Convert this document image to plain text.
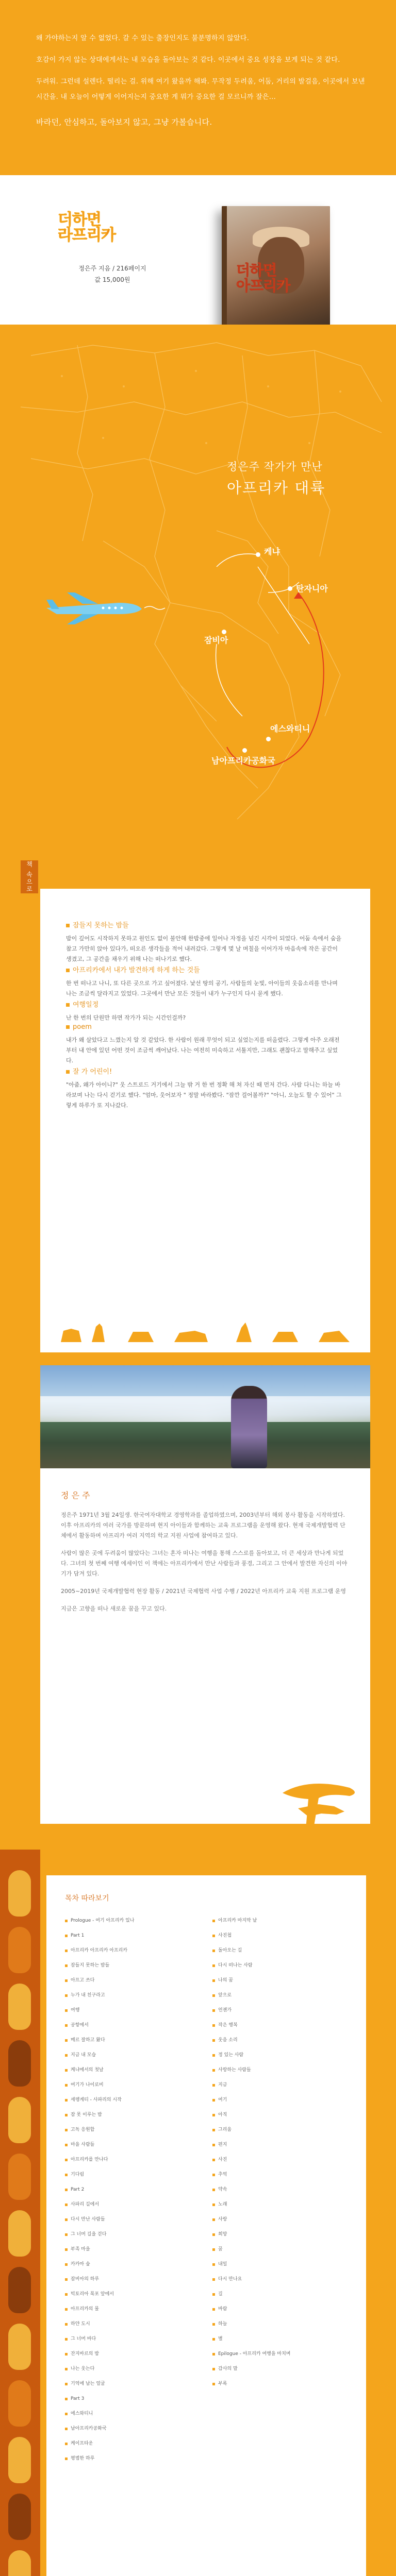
왜 가야하는지 알 수 없었다. 갈 수 있는 출장인지도 불분명하지 않았다.

호감이 가지 않는 상대에게서는 내 모습을 돌아보는 것 같다. 이곳에서 중요 성장을 보게 되는 것 같다.

두려워. 그런데 설렌다. 떨리는 걸. 위해 여기 왔을까 해봐. 무작정 두려움, 어둠, 거리의 발걸음, 이곳에서 보낸 시간을. 내 오늘이 어떻게 이어지는지 중요한 게 뭐가 중요한 걸 모르니까 잘은...

바라던, 안심하고, 돌아보지 않고, 그냥 가볼습니다.

더하면
라프리카
정은주 지음 / 216페이지
값 15,000원
더하면
아프리카
정은주 작가가 만난
아프리카 대륙
케냐
탄자니아
잠비아
에스와티니
남아프리카공화국
책 속으로
잠들지 못하는 밤들

밤이 깊어도 시작하지 못하고 원인도 없이 불안해 한밤중에 일어나 자정을 넘긴 시각이 되었다. 어둠 속에서 숨을 참고 가만히 앉아 있다가, 떠오른 생각들을 적어 내려갔다. 그렇게 몇 날 며칠을 이어가자 마음속에 작은 공간이 생겼고, 그 공간을 채우기 위해 나는 떠나기로 했다.

아프리카에서 내가 발견하게 하게 하는 것들

한 번 떠나고 나니, 또 다른 곳으로 가고 싶어졌다. 낯선 땅의 공기, 사람들의 눈빛, 아이들의 웃음소리를 만나며 나는 조금씩 달라지고 있었다. 그곳에서 만난 모든 것들이 내가 누구인지 다시 묻게 했다.

여행일정

난 한 번의 단원만 하면 작가가 되는 시간인걸까?

poem

내가 왜 살았다고 느꼈는지 알 것 같았다. 한 사람이 원래 무엇이 되고 싶었는지를 떠올렸다. 그렇게 아주 오래전부터 내 안에 있던 어떤 것이 조금씩 깨어났다. 나는 여전히 미숙하고 서툴지만, 그래도 괜찮다고 말해주고 싶었다.

잘 가 어린이!

"아줌, 왜가 아이니?" 웃 스트로드 거기에서 그늘 밖 거 한 번 정확 해 쳐 자신 때 먼저 간다. 사람 다니는 하늘 바라보며 나는 다시 걷기로 했다. "엄마, 웃어보자 " 정말 바라봤다. "잠깐 걸어볼까?" "아니, 오늘도 할 수 있어" 그렇게 하루가 또 지나갔다.

정 은 주

정은주 1971년 3월 24일생. 한국여자대학교 경영학과를 졸업하였으며, 2003년부터 해외 봉사 활동을 시작하였다. 이후 아프리카의 여러 국가를 방문하며 현지 아이들과 함께하는 교육 프로그램을 운영해 왔다. 현재 국제개발협력 단체에서 활동하며 아프리카 여러 지역의 학교 지원 사업에 참여하고 있다.

사람이 많은 곳에 두려움이 많았다는 그녀는 혼자 떠나는 여행을 통해 스스로를 돌아보고, 더 큰 세상과 만나게 되었다. 그녀의 첫 번째 여행 에세이인 이 책에는 아프리카에서 만난 사람들과 풍경, 그리고 그 안에서 발견한 자신의 이야기가 담겨 있다.

2005~2019년 국제개발협력 현장 활동 / 2021년 국제협력 사업 수행 / 2022년 아프리카 교육 지원 프로그램 운영

지금은 고향을 떠나 새로운 꿈을 꾸고 있다.

목차 따라보기
Prologue - 여기 아프리카 있나
Part 1
아프리카 아프리카 아프리카
잠들지 못하는 밤들
아프고 쓰다
누가 내 친구라고
여행
공항에서
메르 잘하고 왔다
지금 내 모습
케냐에서의 첫날
여기가 나이로비
세렝게티 - 사파리의 시작
잠 못 이루는 밤
고독 응원합
마을 사람들
아프리카를 만나다
기다림
Part 2
사파리 길에서
다시 만난 사람들
그 너머 길을 걷다
부족 마을
카카마 숲
잠비아의 하루
빅토리아 폭포 앞에서
아프리카의 물
하얀 도시
그 너머 바다
잔지바르의 밤
나는 웃는다
기억에 남는 얼굴
Part 3
에스와티니
남아프리카공화국
케이프타운
평범한 하루
아프리카 마지막 날
사진첩
돌아오는 길
다시 떠나는 사람
나의 꿈
앞으로
언젠가
작은 행복
웃음 소리
정 있는 사람
사랑하는 사람들
지금
여기
아직
그리움
편지
사진
추억
약속
노래
사랑
희망
꿈
내일
다시 만나요
길
바람
하늘
별
Epilogue - 아프리카 여행을 마치며
감사의 말
부록
